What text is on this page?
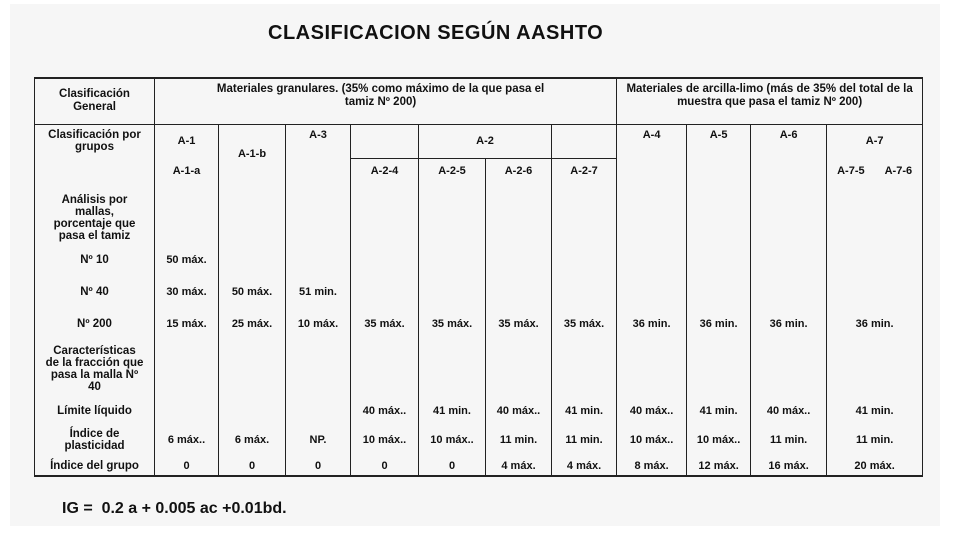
CLASIFICACION SEGÚN AASHTO
Clasificación General	Materiales granulares. (35% como máximo de la que pasa el tamiz Nº 200)							Materiales de arcilla-limo (más de 35% del total de la muestra que pasa el tamiz Nº 200)			
Clasificación por grupos	A-1	A-1-b	A-3		A-2			A-4	A-5	A-6	A-7
	A-1-a			A-2-4	A-2-5	A-2-6	A-2-7				A-7-5 A-7-6

Análisis por mallas, porcentaje que pasa el tamiz											
Nº 10	50 máx.										
Nº 40	30 máx.	50 máx.	51 min.								
Nº 200	15 máx.	25 máx.	10 máx.	35 máx.	35 máx.	35 máx.	35 máx.	36 min.	36 min.	36 min.	36 min.
Características de la fracción que pasa la malla Nº 40											
Límite líquido				40 máx..	41 min.	40 máx..	41 min.	40 máx..	41 min.	40 máx..	41 min.
Índice de plasticidad	6 máx..	6 máx.	NP.	10 máx..	10 máx..	11 min.	11 min.	10 máx..	10 máx..	11 min.	11 min.
Índice del grupo	0	0	0	0	0	4 máx.	4 máx.	8 máx.	12 máx.	16 máx.	20 máx.
IG =  0.2 a + 0.005 ac +0.01bd.
